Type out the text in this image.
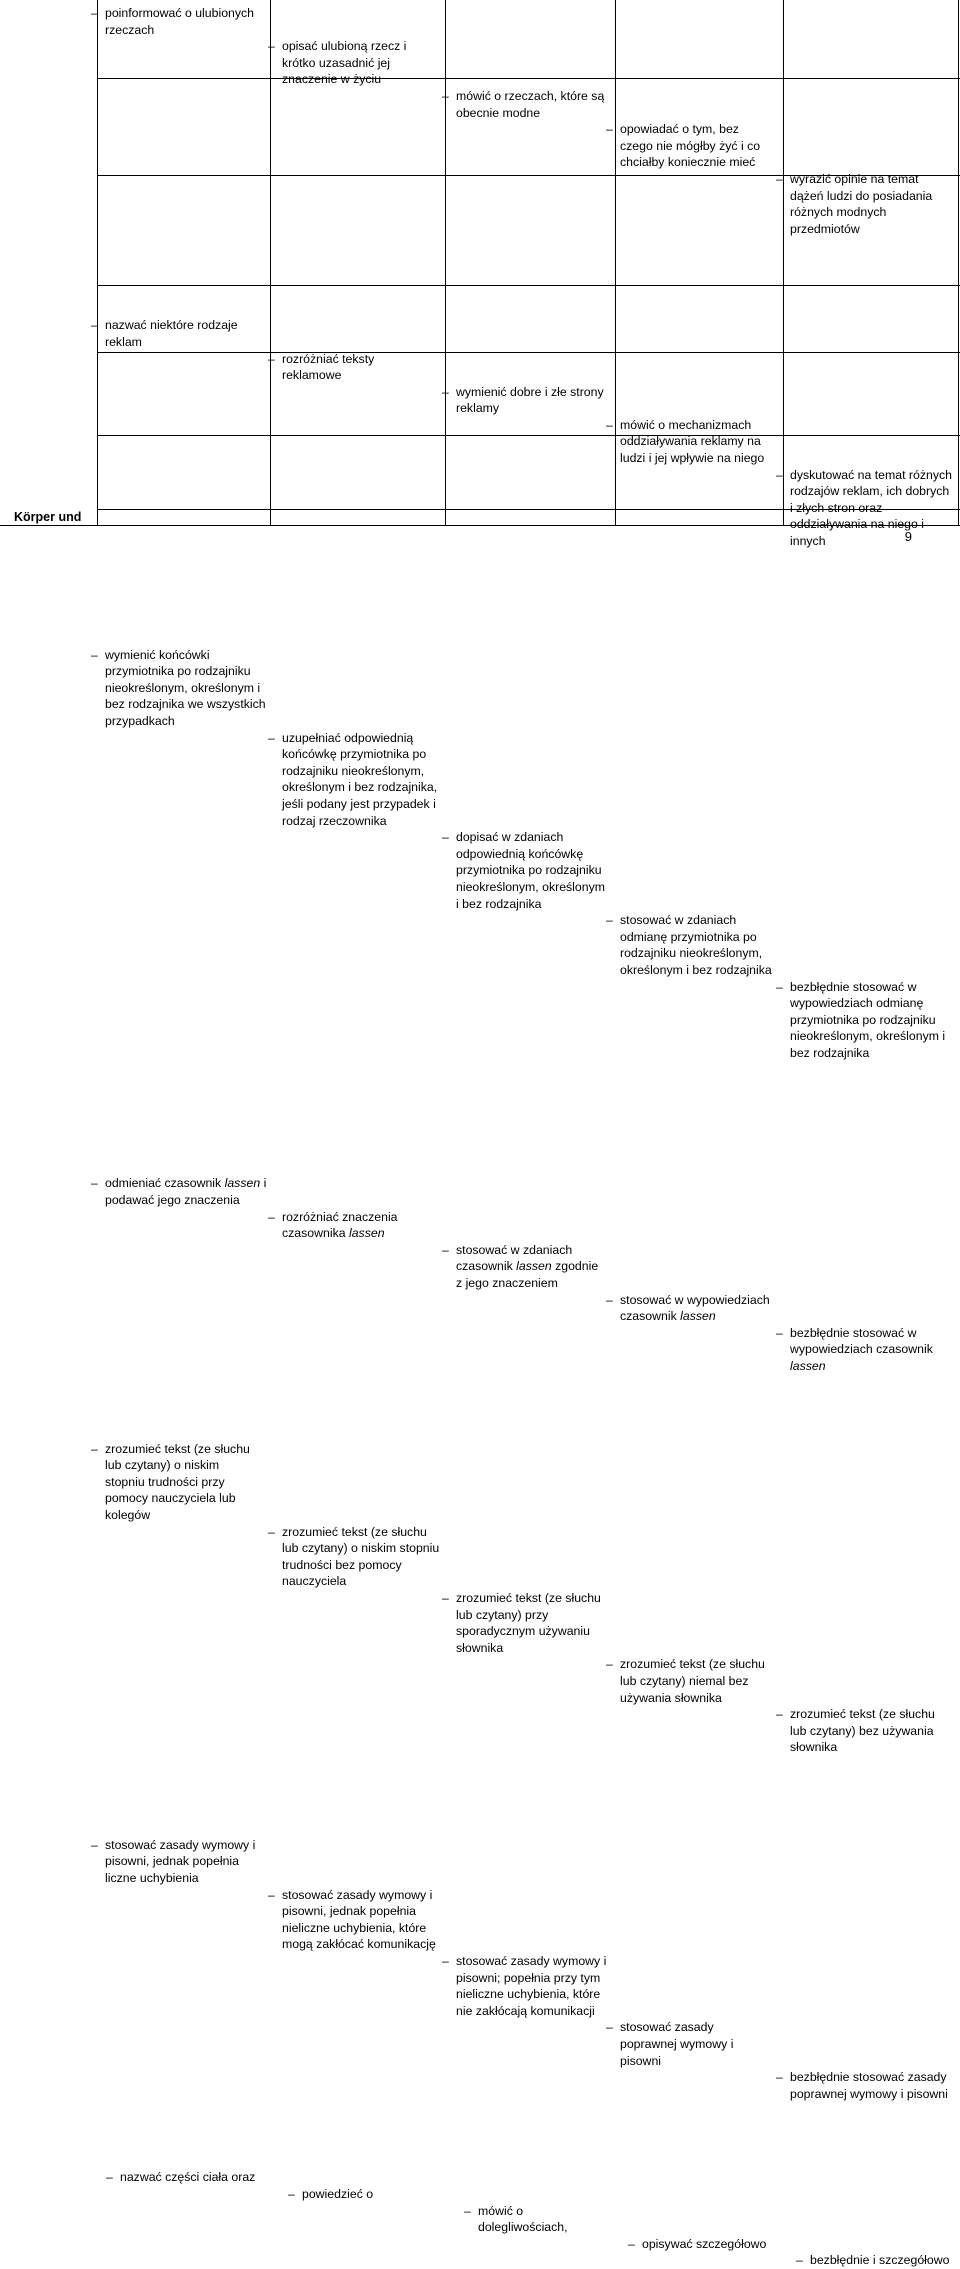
– poinformować o ulubionych rzeczach
– opisać ulubioną rzecz i krótko uzasadnić jej znaczenie w życiu
– mówić o rzeczach, które są obecnie modne
– opowiadać o tym, bez czego nie mógłby żyć i co chciałby koniecznie mieć
– wyrazić opinie na temat dążeń ludzi do posiadania różnych modnych przedmiotów
– nazwać niektóre rodzaje reklam
– rozróżniać teksty reklamowe
– wymienić dobre i złe strony reklamy
– mówić o mechanizmach oddziaływania reklamy na ludzi i jej wpływie na niego
– dyskutować na temat różnych rodzajów reklam, ich dobrych i złych stron oraz oddziaływania na niego i innych
– wymienić końcówki przymiotnika po rodzajniku nieokreślonym, określonym i bez rodzajnika we wszystkich przypadkach
– uzupełniać odpowiednią końcówkę przymiotnika po rodzajniku nieokreślonym, określonym i bez rodzajnika, jeśli podany jest przypadek i rodzaj rzeczownika
– dopisać w zdaniach odpowiednią końcówkę przymiotnika po rodzajniku nieokreślonym, określonym i bez rodzajnika
– stosować w zdaniach odmianę przymiotnika po rodzajniku nieokreślonym, określonym i bez rodzajnika
– bezbłędnie stosować w wypowiedziach odmianę przymiotnika po rodzajniku nieokreślonym, określonym i bez rodzajnika
– odmieniać czasownik lassen i podawać jego znaczenia
– rozróżniać znaczenia czasownika lassen
– stosować w zdaniach czasownik lassen zgodnie z jego znaczeniem
– stosować w wypowiedziach czasownik lassen
– bezbłędnie stosować w wypowiedziach czasownik lassen
– zrozumieć tekst (ze słuchu lub czytany) o niskim stopniu trudności przy pomocy nauczyciela lub kolegów
– zrozumieć tekst (ze słuchu lub czytany) o niskim stopniu trudności bez pomocy nauczyciela
– zrozumieć tekst (ze słuchu lub czytany) przy sporadycznym używaniu słownika
– zrozumieć tekst (ze słuchu lub czytany) niemal bez używania słownika
– zrozumieć tekst (ze słuchu lub czytany) bez używania słownika
– stosować zasady wymowy i pisowni, jednak popełnia liczne uchybienia
– stosować zasady wymowy i pisowni, jednak popełnia nieliczne uchybienia, które mogą zakłócać komunikację
– stosować zasady wymowy i pisowni; popełnia przy tym nieliczne uchybienia, które nie zakłócają komunikacji
– stosować zasady poprawnej wymowy i pisowni
– bezbłędnie stosować zasady poprawnej wymowy i pisowni
Körper und
– nazwać części ciała oraz
– powiedzieć o
– mówić o dolegliwościach,
– opisywać szczegółowo
– bezbłędnie i szczegółowo
9
